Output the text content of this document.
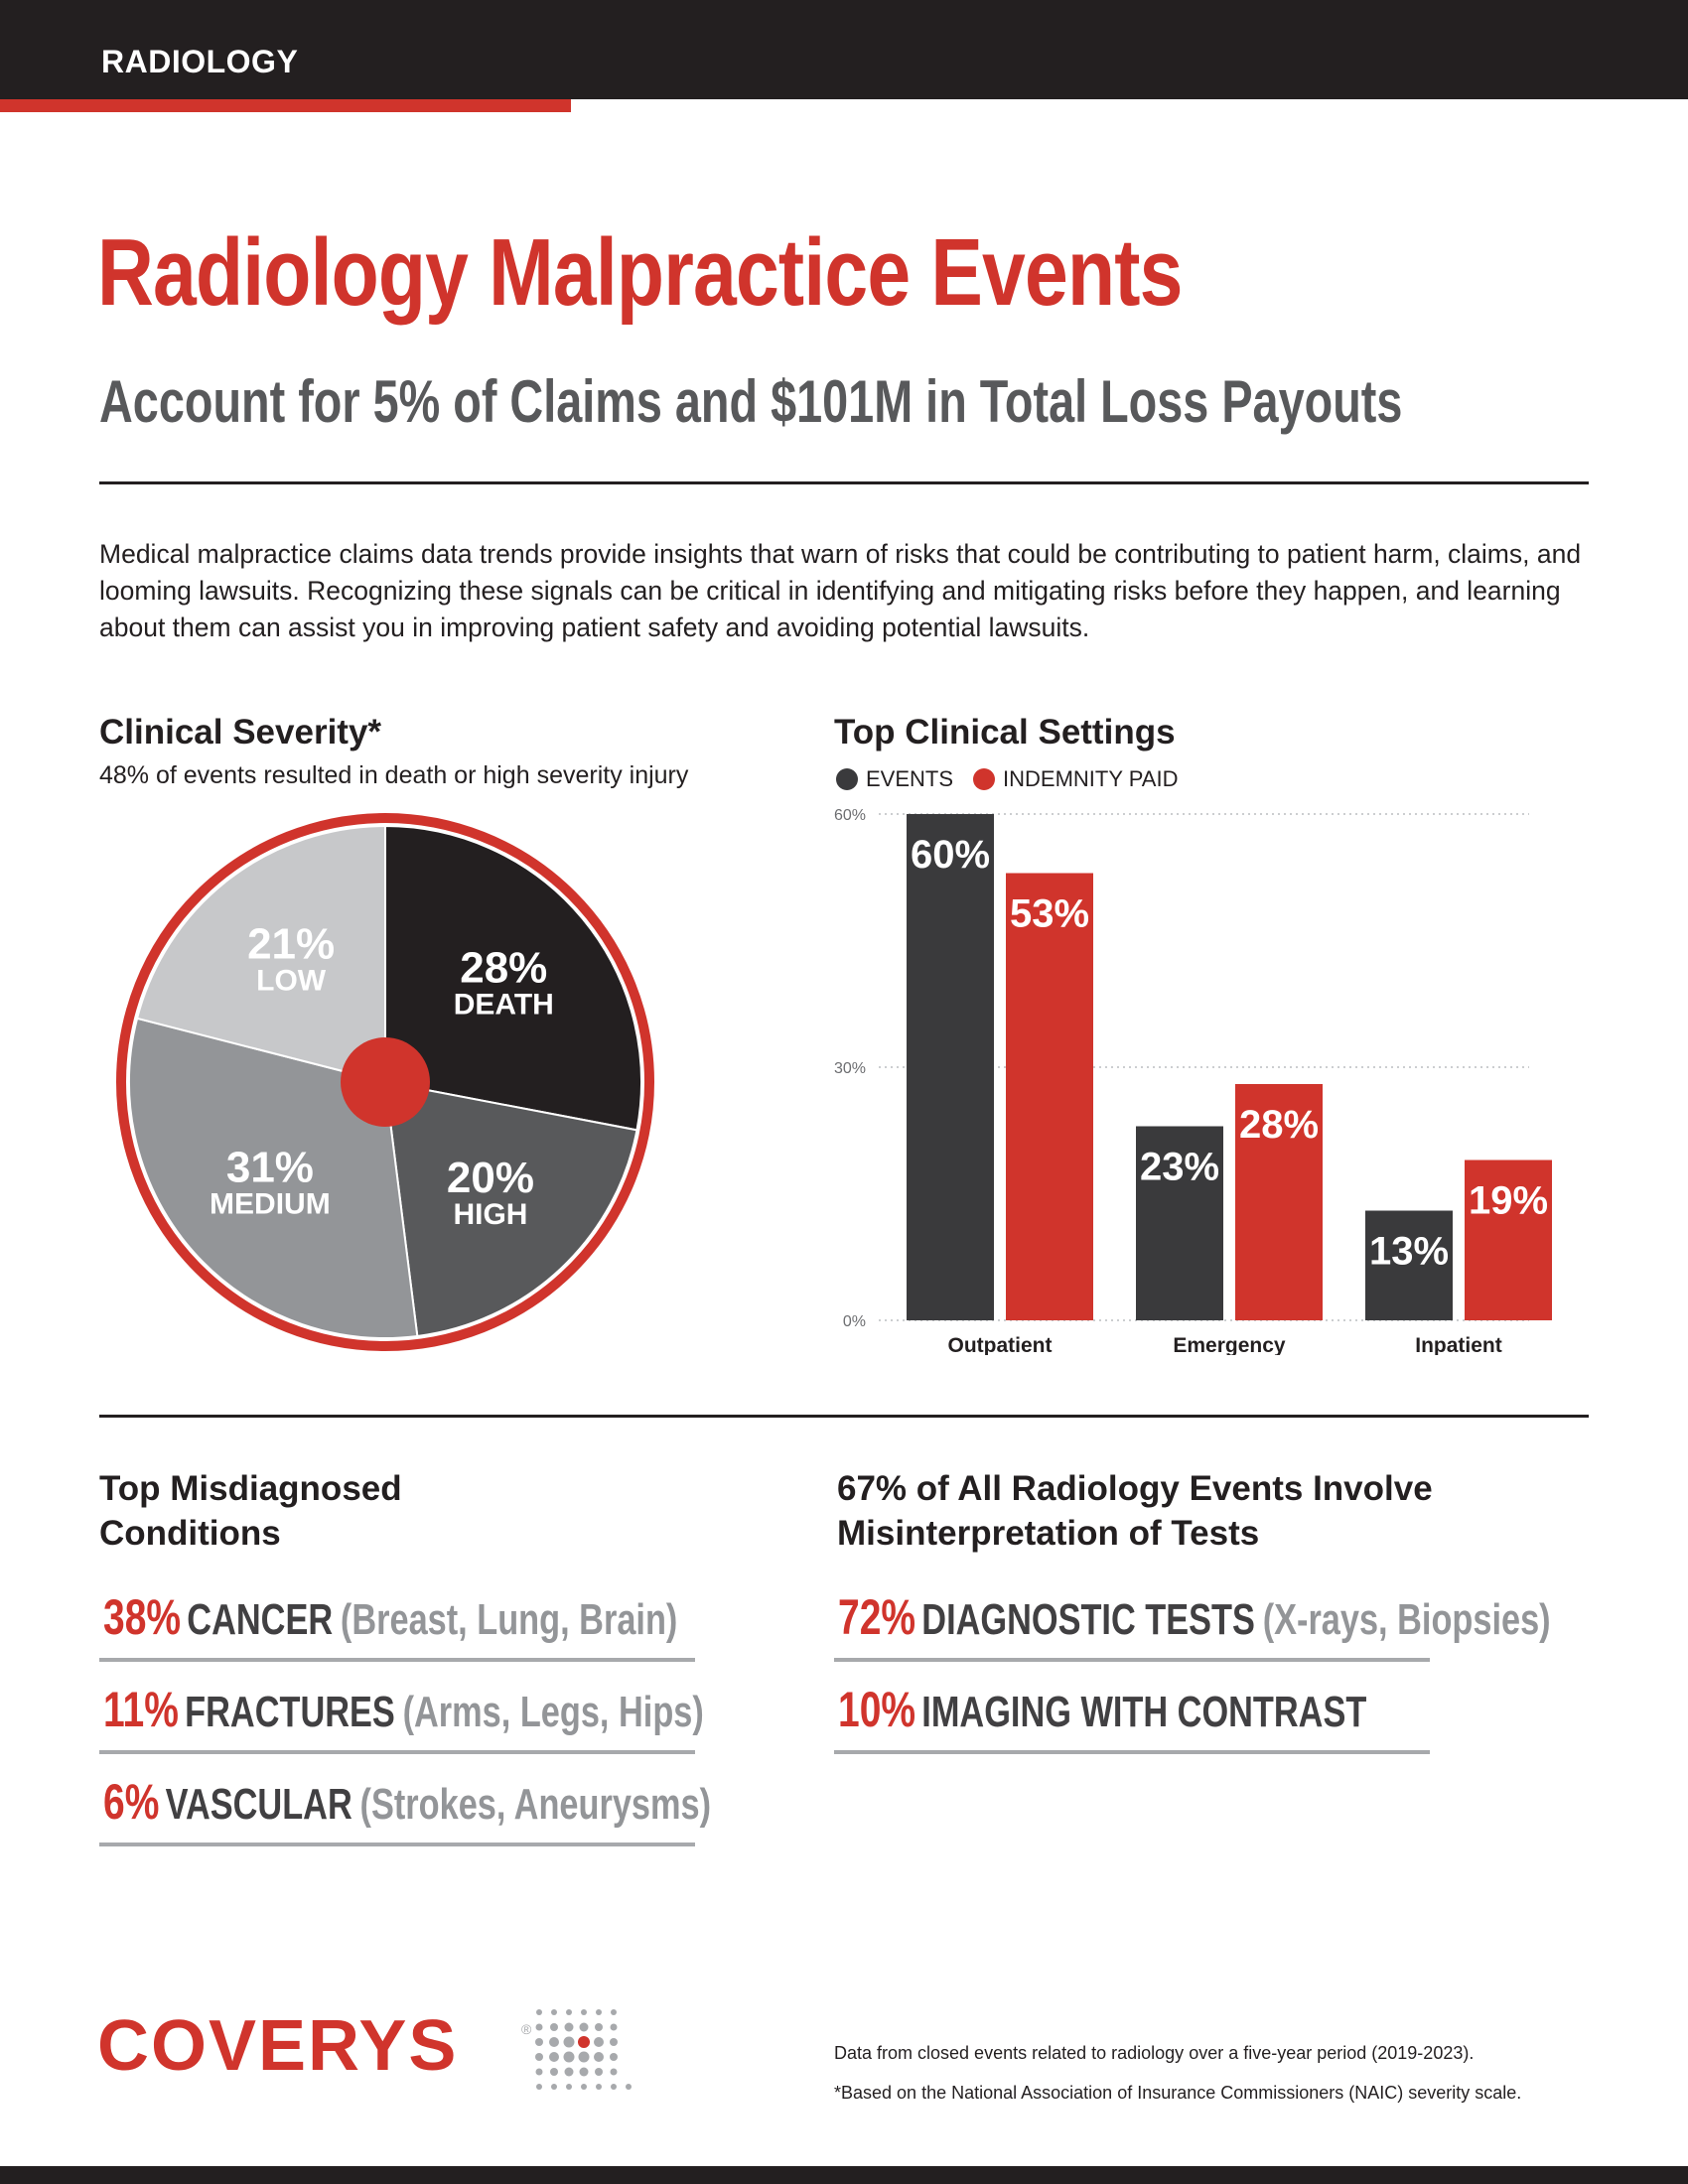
RADIOLOGY
Radiology Malpractice Events
Account for 5% of Claims and $101M in Total Loss Payouts
Medical malpractice claims data trends provide insights that warn of risks that could be contributing to patient harm, claims, and looming lawsuits. Recognizing these signals can be critical in identifying and mitigating risks before they happen, and learning about them can assist you in improving patient safety and avoiding potential lawsuits.
Clinical Severity*
48% of events resulted in death or high severity injury
28%
DEATH
20%
HIGH
31%
MEDIUM
21%
LOW
Top Clinical Settings
EVENTS INDEMNITY PAID
0%
30%
60%
60%
53%
Outpatient
23%
28%
Emergency
13%
19%
Inpatient
Top Misdiagnosed
Conditions
38% CANCER (Breast, Lung, Brain)
11% FRACTURES (Arms, Legs, Hips)
6% VASCULAR (Strokes, Aneurysms)
67% of All Radiology Events Involve
Misinterpretation of Tests
72% DIAGNOSTIC TESTS (X-rays, Biopsies)
10% IMAGING WITH CONTRAST
COVERYS	®
Data from closed events related to radiology over a five-year period (2019-2023).
*Based on the National Association of Insurance Commissioners (NAIC) severity scale.
